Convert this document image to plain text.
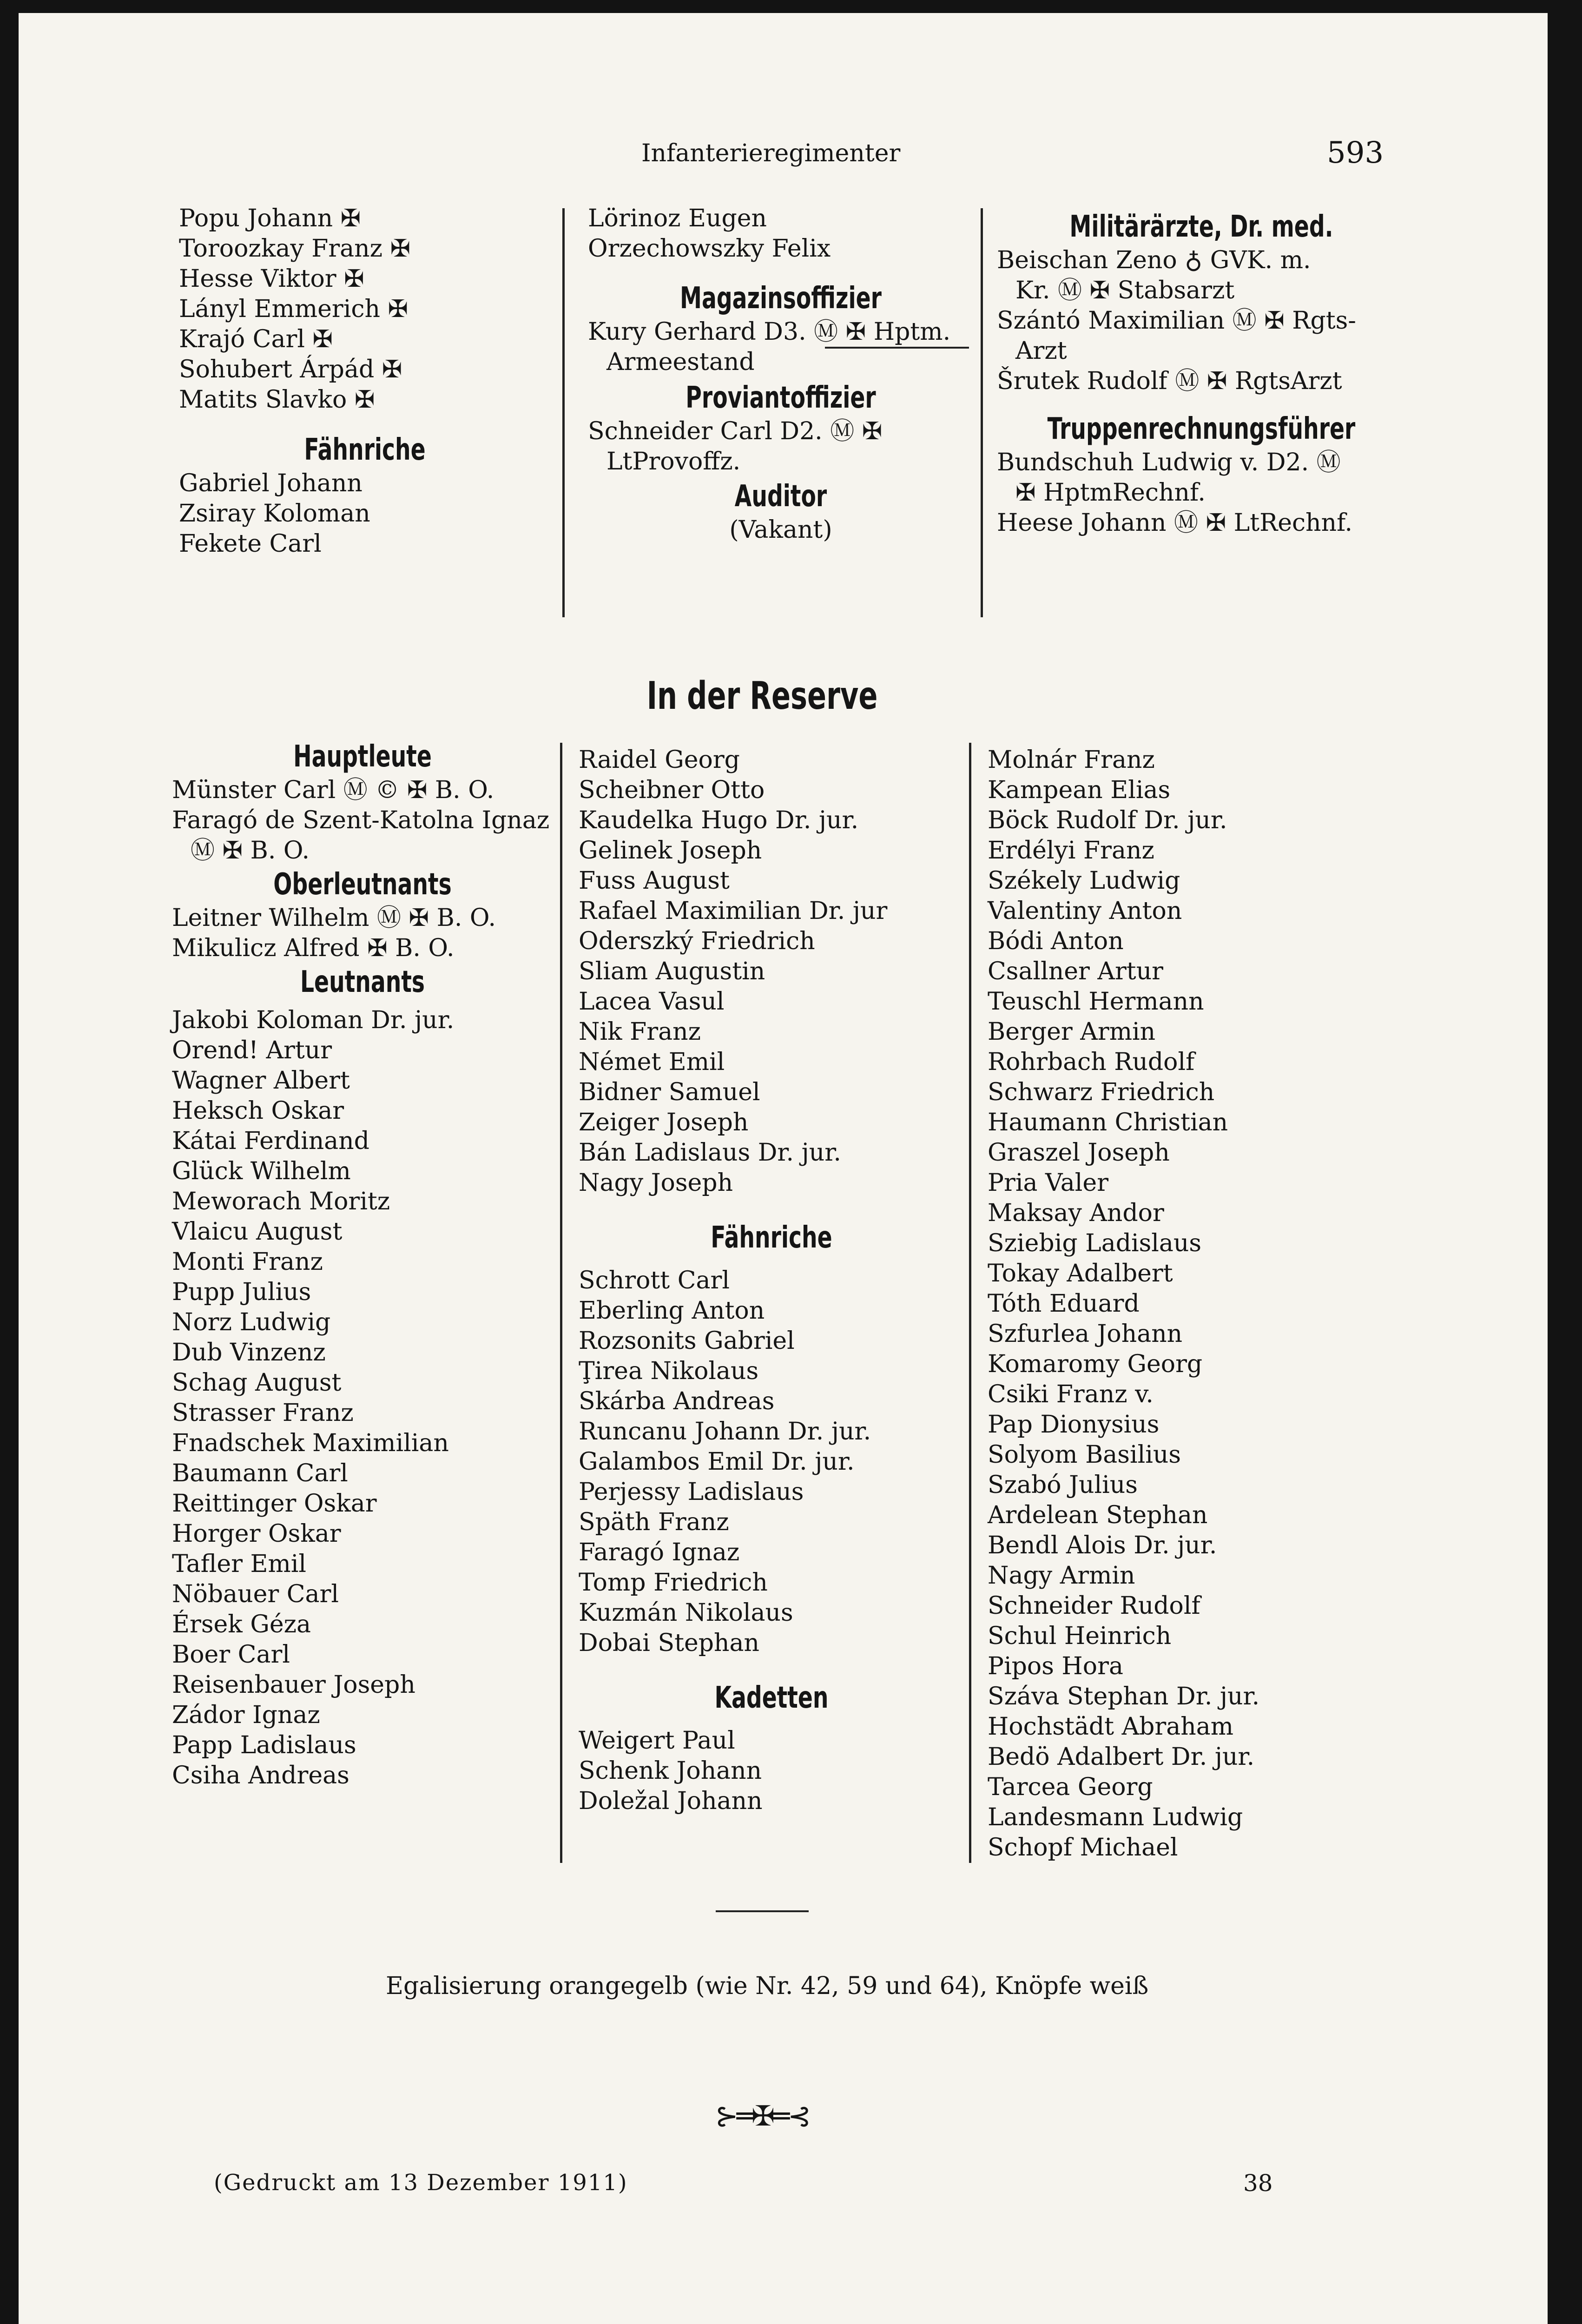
Infanterieregimenter	593
Popu Johann ✠
Torooz​kay Franz ✠
Hesse Viktor ✠
Lányl Emmerich ✠
Krajó Carl ✠
Sohubert Árpád ✠
Matits Slavko ✠
Fähnriche
Gabriel Johann
Zsiray Koloman
Fekete Carl
Lörinoz Eugen
Orzechowszky Felix
Magazinsoffizier
Kury Gerhard D3. Ⓜ ✠ Hptm.
Armeestand
Proviantoffizier
Schneider Carl D2. Ⓜ ✠
LtProvoffz.
Auditor
(Vakant)
Militärärzte, Dr. med.
Beischan Zeno ♁ GVK. m.
Kr. Ⓜ ✠ Stabsarzt
Szántó Maximilian Ⓜ ✠ Rgts-
Arzt
Šrutek Rudolf Ⓜ ✠ RgtsArzt
Truppenrechnungsführer
Bundschuh Ludwig v. D2. Ⓜ
✠ HptmRechnf.
Heese Johann Ⓜ ✠ LtRechnf.
In der Reserve
Hauptleute
Münster Carl Ⓜ © ✠ B. O.
Faragó de Szent-Katolna Ignaz
Ⓜ ✠ B. O.
Oberleutnants
Leitner Wilhelm Ⓜ ✠ B. O.
Mikulicz Alfred ✠ B. O.
Leutnants
Jakobi Koloman Dr. jur.
Orend! Artur
Wagner Albert
Heksch Oskar
Kátai Ferdinand
Glück Wilhelm
Meworach Moritz
Vlaicu August
Monti Franz
Pupp Julius
Norz Ludwig
Dub Vinzenz
Schag August
Strasser Franz
Fnadschek Maximilian
Baumann Carl
Reittinger Oskar
Horger Oskar
Tafler Emil
Nöbauer Carl
Érsek Géza
Boer Carl
Reisenbauer Joseph
Zádor Ignaz
Papp Ladislaus
Csiha Andreas
Raidel Georg
Scheibner Otto
Kaudelka Hugo Dr. jur.
Gelinek Joseph
Fuss August
Rafael Maximilian Dr. jur
Oderszký Friedrich
Sliam Augustin
Lacea Vasul
Nik Franz
Német Emil
Bidner Samuel
Zeiger Joseph
Bán Ladislaus Dr. jur.
Nagy Joseph
Fähnriche
Schrott Carl
Eberling Anton
Rozsonits Gabriel
Ţirea Nikolaus
Skárba Andreas
Runcanu Johann Dr. jur.
Galambos Emil Dr. jur.
Perjessy Ladislaus
Späth Franz
Faragó Ignaz
Tomp Friedrich
Kuzmán Nikolaus
Dobai Stephan
Kadetten
Weigert Paul
Schenk Johann
Doležal Johann
Molnár Franz
Kampean Elias
Böck Rudolf Dr. jur.
Erdélyi Franz
Székely Ludwig
Valentiny Anton
Bódi Anton
Csallner Artur
Teuschl Hermann
Berger Armin
Rohrbach Rudolf
Schwarz Friedrich
Haumann Christian
Graszel Joseph
Pria Valer
Maksay Andor
Sziebig Ladislaus
Tokay Adalbert
Tóth Eduard
Szfurlea Johann
Komaromy Georg
Csiki Franz v.
Pap Dionysius
Solyom Basilius
Szabó Julius
Ardelean Stephan
Bendl Alois Dr. jur.
Nagy Armin
Schneider Rudolf
Schul Heinrich
Pipos Hora
Száva Stephan Dr. jur.
Hochstädt Abraham
Bedö Adalbert Dr. jur.
Tarcea Georg
Landesmann Ludwig
Schopf Michael
Egalisierung orangegelb (wie Nr. 42, 59 und 64), Knöpfe weiß
⊱═✠═⊰
(Gedruckt am 13 Dezember 1911)	38
